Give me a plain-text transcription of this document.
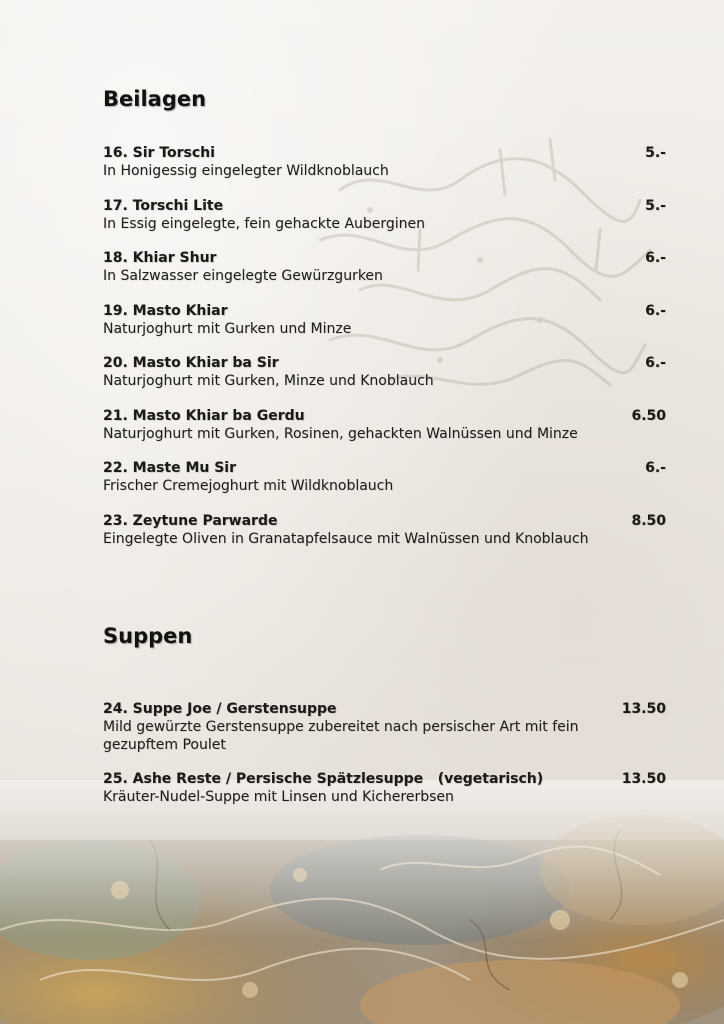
Beilagen
16. Sir Torschi	5.-
In Honigessig eingelegter Wildknoblauch
17. Torschi Lite	5.-
In Essig eingelegte, fein gehackte Auberginen
18. Khiar Shur	6.-
In Salzwasser eingelegte Gewürzgurken
19. Masto Khiar	6.-
Naturjoghurt mit Gurken und Minze
20. Masto Khiar ba Sir	6.-
Naturjoghurt mit Gurken, Minze und Knoblauch
21. Masto Khiar ba Gerdu	6.50
Naturjoghurt mit Gurken, Rosinen, gehackten Walnüssen und Minze
22. Maste Mu Sir	6.-
Frischer Cremejoghurt mit Wildknoblauch
23. Zeytune Parwarde	8.50
Eingelegte Oliven in Granatapfelsauce mit Walnüssen und Knoblauch
Suppen
24. Suppe Joe / Gerstensuppe	13.50
Mild gewürzte Gerstensuppe zubereitet nach persischer Art mit fein gezupftem Poulet
25. Ashe Reste / Persische Spätzlesuppe   (vegetarisch)	13.50
Kräuter-Nudel-Suppe mit Linsen und Kichererbsen
